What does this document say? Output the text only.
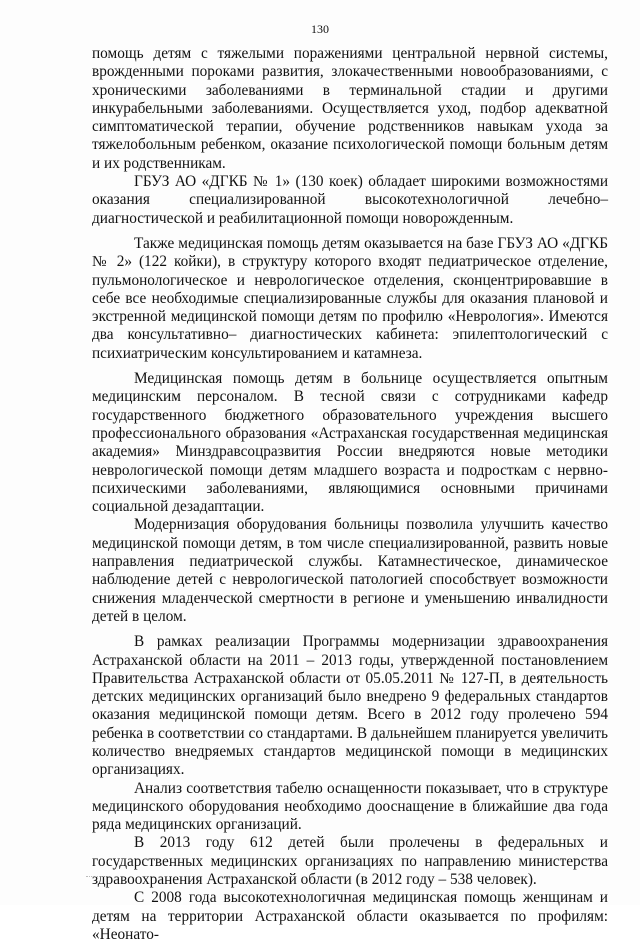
130

помощь детям с тяжелыми поражениями центральной нервной системы, врожденными пороками развития, злокачественными новообразованиями, с хроническими заболеваниями в терминальной стадии и другими инкурабельными заболеваниями. Осуществляется уход, подбор адекватной симптоматической терапии, обучение родственников навыкам ухода за тяжелобольным ребенком, оказание психологической помощи больным детям и их родственникам.

ГБУЗ АО «ДГКБ № 1» (130 коек) обладает широкими возможностями оказания специализированной высокотехнологичной лечебно– диагностической и реабилитационной помощи новорожденным.

Также медицинская помощь детям оказывается на базе ГБУЗ АО «ДГКБ № 2» (122 койки), в структуру которого входят педиатрическое отделение, пульмонологическое и неврологическое отделения, сконцентрировавшие в себе все необходимые специализированные службы для оказания плановой и экстренной медицинской помощи детям по профилю «Неврология». Имеются два консультативно– диагностических кабинета: эпилептологический с психиатрическим консультированием и катамнеза.

Медицинская помощь детям в больнице осуществляется опытным медицинским персоналом. В тесной связи с сотрудниками кафедр государственного бюджетного образовательного учреждения высшего профессионального образования «Астраханская государственная медицинская академия» Минздравсоцразвития России внедряются новые методики неврологической помощи детям младшего возраста и подросткам с нервно-психическими заболеваниями, являющимися основными причинами социальной дезадаптации.

Модернизация оборудования больницы позволила улучшить качество медицинской помощи детям, в том числе специализированной, развить новые направления педиатрической службы. Катамнестическое, динамическое наблюдение детей с неврологической патологией способствует возможности снижения младенческой смертности в регионе и уменьшению инвалидности детей в целом.

В рамках реализации Программы модернизации здравоохранения Астраханской области на 2011 – 2013 годы, утвержденной постановлением Правительства Астраханской области от 05.05.2011 № 127-П, в деятельность детских медицинских организаций было внедрено 9 федеральных стандартов оказания медицинской помощи детям. Всего в 2012 году пролечено 594 ребенка в соответствии со стандартами. В дальнейшем планируется увеличить количество внедряемых стандартов медицинской помощи в медицинских организациях.

Анализ соответствия табелю оснащенности показывает, что в структуре медицинского оборудования необходимо дооснащение в ближайшие два года ряда медицинских организаций.

В 2013 году 612 детей были пролечены в федеральных и государственных медицинских организациях по направлению министерства здравоохранения Астраханской области (в 2012 году – 538 человек).

С 2008 года высокотехнологичная медицинская помощь женщинам и детям на территории Астраханской области оказывается по профилям: «Неонато-
